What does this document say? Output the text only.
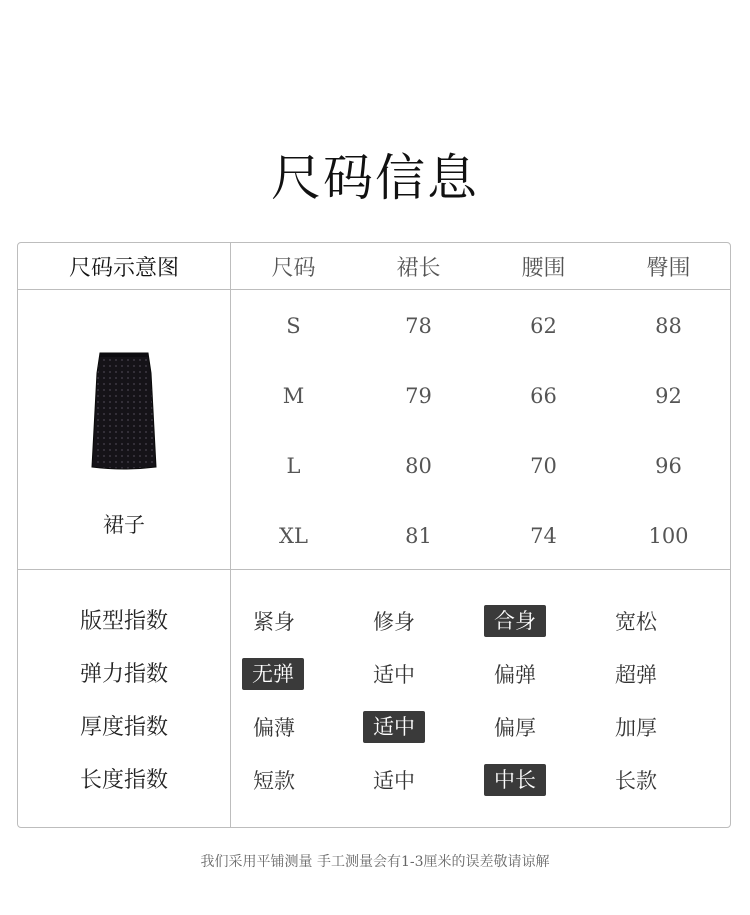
尺码信息
尺码示意图	尺码	裙长	腰围	臀围
S	78	62	88
M	79	66	92
L	80	70	96
XL	81	74	100
裙子
版型指数	紧身	修身	合身	宽松
弹力指数	无弹	适中	偏弹	超弹
厚度指数	偏薄	适中	偏厚	加厚
长度指数	短款	适中	中长	长款
我们采用平铺测量 手工测量会有1-3厘米的误差敬请谅解
